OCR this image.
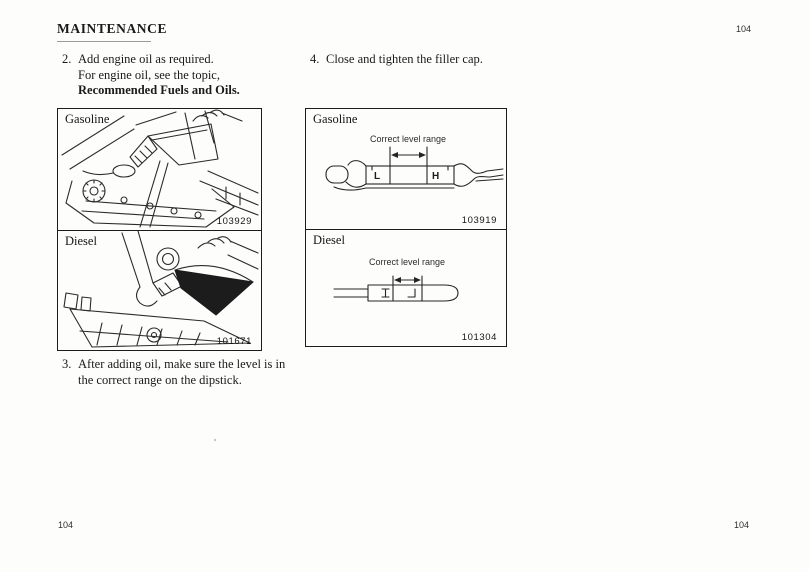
MAINTENANCE	104
2. Add engine oil as required.
For engine oil, see the topic,
Recommended Fuels and Oils.
4. Close and tighten the filler cap.
Gasoline
103929
Diesel
101671
Gasoline
Correct level range
L	H
103919
Diesel
Correct level range
101304
3. After adding oil, make sure the level is in
the correct range on the dipstick.
104	104
